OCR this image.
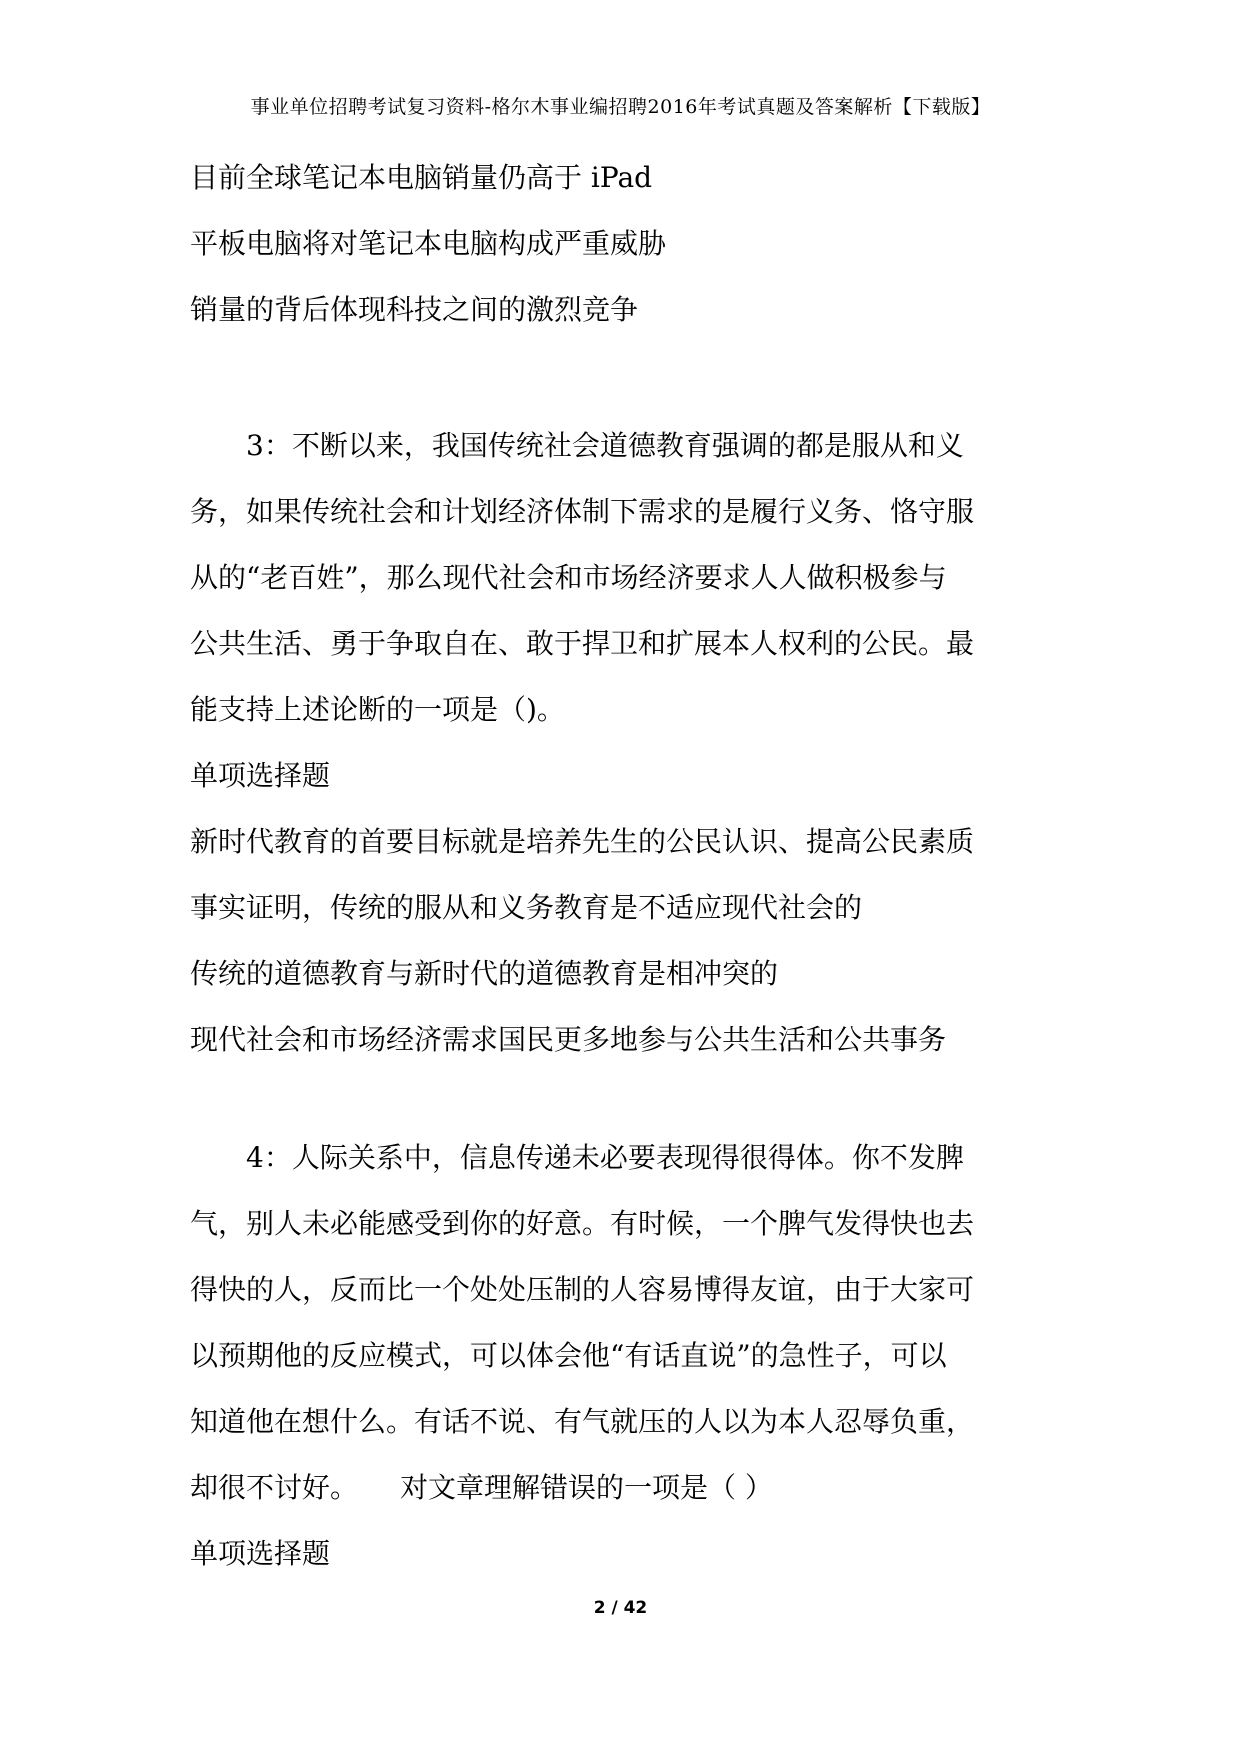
事业单位招聘考试复习资料-格尔木事业编招聘2016年考试真题及答案解析【下载版】
目前全球笔记本电脑销量仍高于 iPad
平板电脑将对笔记本电脑构成严重威胁
销量的背后体现科技之间的激烈竞争
3：不断以来，我国传统社会道德教育强调的都是服从和义
务，如果传统社会和计划经济体制下需求的是履行义务、恪守服
从的“老百姓”，那么现代社会和市场经济要求人人做积极参与
公共生活、勇于争取自在、敢于捍卫和扩展本人权利的公民。最
能支持上述论断的一项是（)。
单项选择题
新时代教育的首要目标就是培养先生的公民认识、提高公民素质
事实证明，传统的服从和义务教育是不适应现代社会的
传统的道德教育与新时代的道德教育是相冲突的
现代社会和市场经济需求国民更多地参与公共生活和公共事务
4：人际关系中，信息传递未必要表现得很得体。你不发脾
气，别人未必能感受到你的好意。有时候，一个脾气发得快也去
得快的人，反而比一个处处压制的人容易博得友谊，由于大家可
以预期他的反应模式，可以体会他“有话直说”的急性子，可以
知道他在想什么。有话不说、有气就压的人以为本人忍辱负重，
却很不讨好。　　对文章理解错误的一项是（ ）
单项选择题
2 / 42
